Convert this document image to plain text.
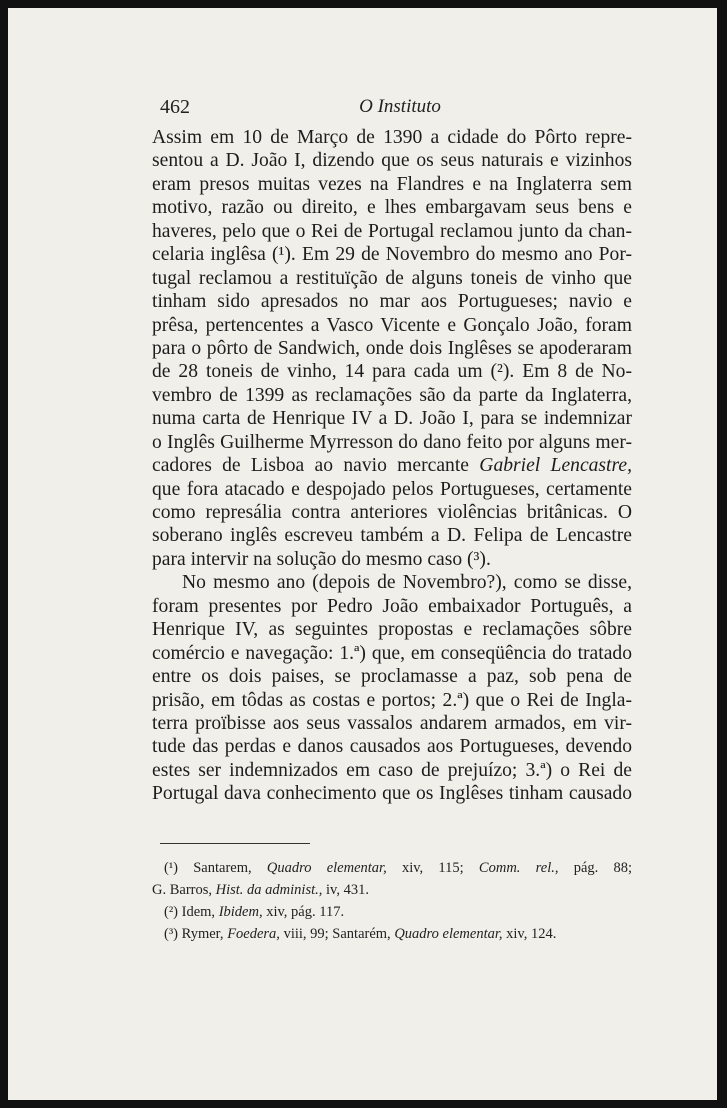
462	O Instituto
Assim em 10 de Março de 1390 a cidade do Pôrto repre-
sentou a D. João I, dizendo que os seus naturais e vizinhos
eram presos muitas vezes na Flandres e na Inglaterra sem
motivo, razão ou direito, e lhes embargavam seus bens e
haveres, pelo que o Rei de Portugal reclamou junto da chan-
celaria inglêsa (¹). Em 29 de Novembro do mesmo ano Por-
tugal reclamou a restituïção de alguns toneis de vinho que
tinham sido apresados no mar aos Portugueses; navio e
prêsa, pertencentes a Vasco Vicente e Gonçalo João, foram
para o pôrto de Sandwich, onde dois Inglêses se apoderaram
de 28 toneis de vinho, 14 para cada um (²). Em 8 de No-
vembro de 1399 as reclamações são da parte da Inglaterra,
numa carta de Henrique IV a D. João I, para se indemnizar
o Inglês Guilherme Myrresson do dano feito por alguns mer-
cadores de Lisboa ao navio mercante Gabriel Lencastre,
que fora atacado e despojado pelos Portugueses, certamente
como represália contra anteriores violências britânicas. O
soberano inglês escreveu também a D. Felipa de Lencastre
para intervir na solução do mesmo caso (³).
No mesmo ano (depois de Novembro?), como se disse,
foram presentes por Pedro João embaixador Português, a
Henrique IV, as seguintes propostas e reclamações sôbre
comércio e navegação: 1.ª) que, em conseqüência do tratado
entre os dois paises, se proclamasse a paz, sob pena de
prisão, em tôdas as costas e portos; 2.ª) que o Rei de Ingla-
terra proïbisse aos seus vassalos andarem armados, em vir-
tude das perdas e danos causados aos Portugueses, devendo
estes ser indemnizados em caso de prejuízo; 3.ª) o Rei de
Portugal dava conhecimento que os Inglêses tinham causado
(¹) Santarem, Quadro elementar, xiv, 115; Comm. rel., pág. 88;
G. Barros, Hist. da administ., iv, 431.
(²) Idem, Ibidem, xiv, pág. 117.
(³) Rymer, Foedera, viii, 99; Santarém, Quadro elementar, xiv, 124.
